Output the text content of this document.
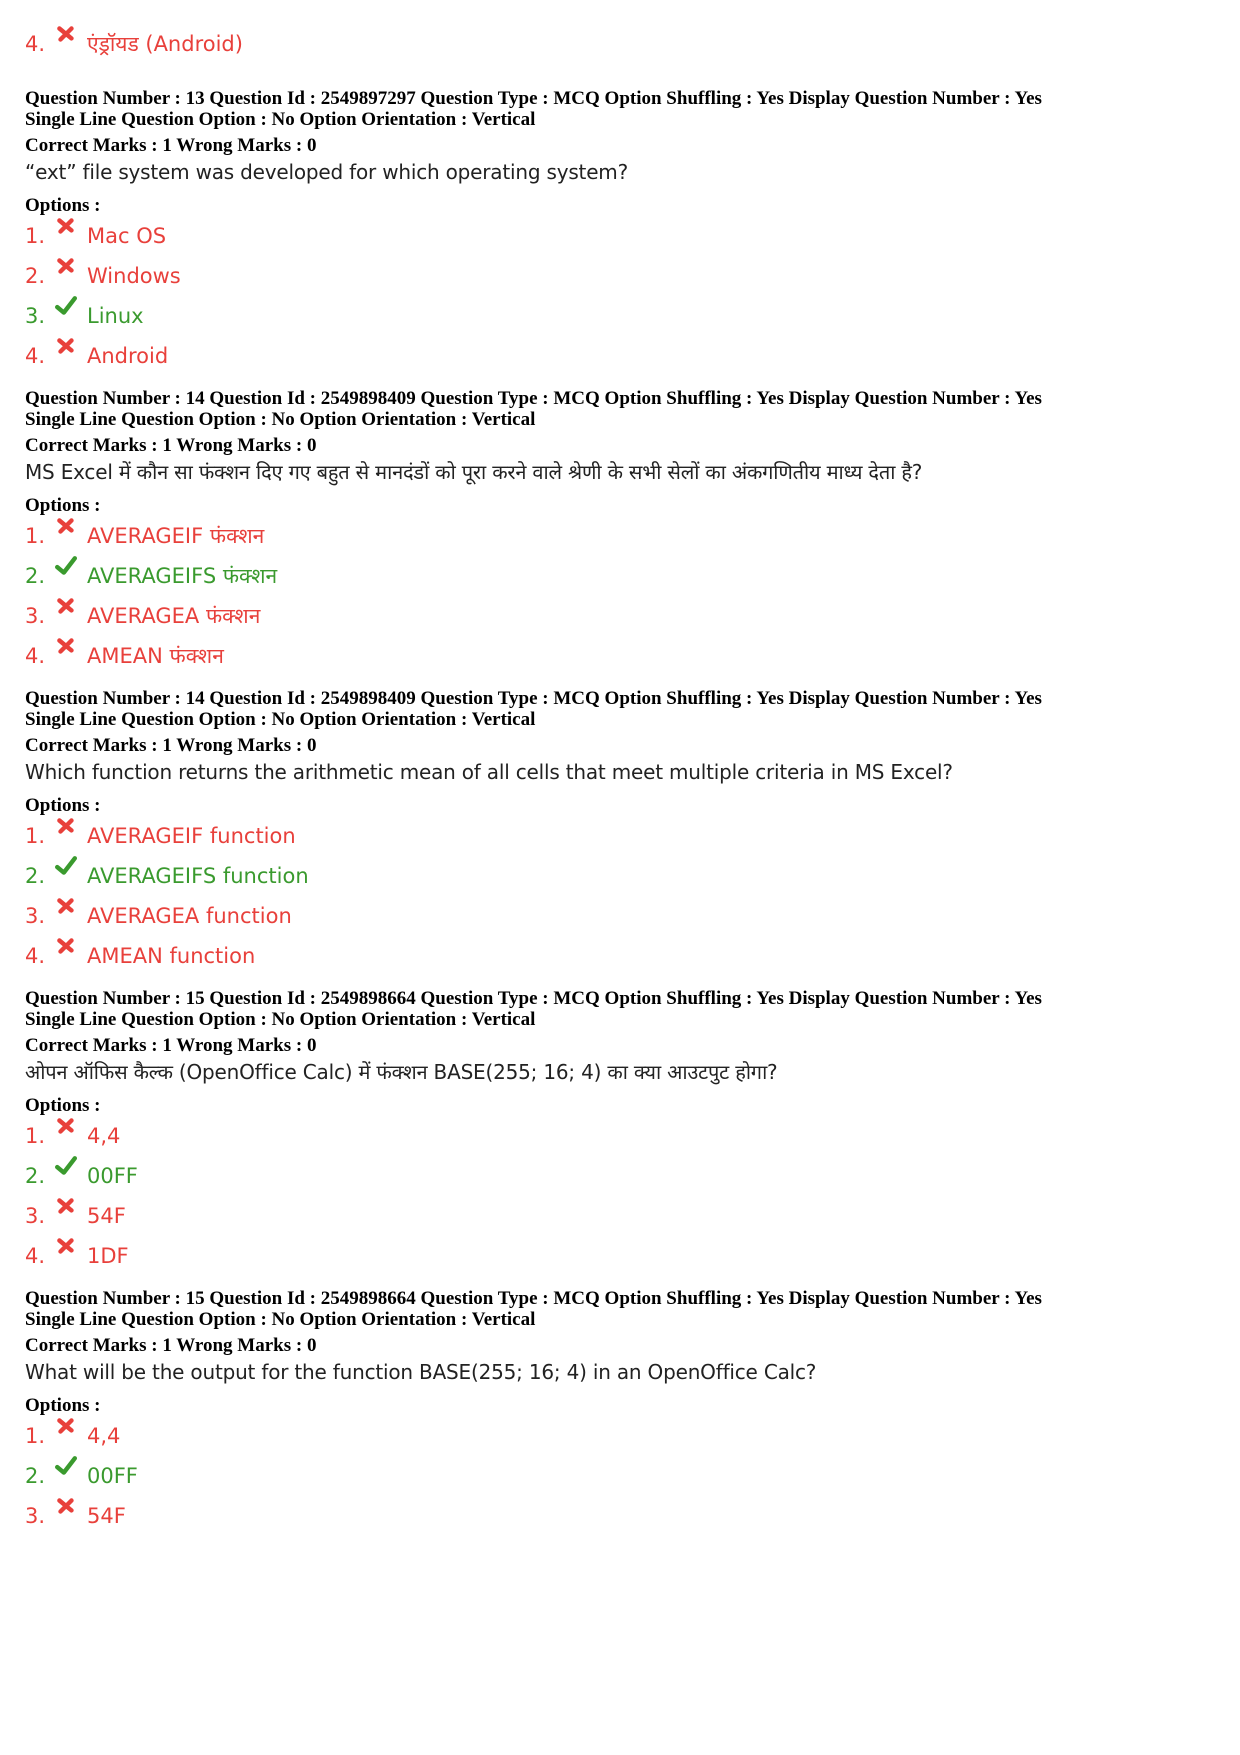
4.	एंड्रॉयड (Android)
Question Number : 13 Question Id : 2549897297 Question Type : MCQ Option Shuffling : Yes Display Question Number : Yes
Single Line Question Option : No Option Orientation : Vertical
Correct Marks : 1 Wrong Marks : 0
“ext” file system was developed for which operating system?
Options :
1.	Mac OS
2.	Windows
3.	Linux
4.	Android
Question Number : 14 Question Id : 2549898409 Question Type : MCQ Option Shuffling : Yes Display Question Number : Yes
Single Line Question Option : No Option Orientation : Vertical
Correct Marks : 1 Wrong Marks : 0
MS Excel में कौन सा फंक्शन दिए गए बहुत से मानदंडों को पूरा करने वाले श्रेणी के सभी सेलों का अंकगणितीय माध्य देता है?
Options :
1.	AVERAGEIF फंक्शन
2.	AVERAGEIFS फंक्शन
3.	AVERAGEA फंक्शन
4.	AMEAN फंक्शन
Question Number : 14 Question Id : 2549898409 Question Type : MCQ Option Shuffling : Yes Display Question Number : Yes
Single Line Question Option : No Option Orientation : Vertical
Correct Marks : 1 Wrong Marks : 0
Which function returns the arithmetic mean of all cells that meet multiple criteria in MS Excel?
Options :
1.	AVERAGEIF function
2.	AVERAGEIFS function
3.	AVERAGEA function
4.	AMEAN function
Question Number : 15 Question Id : 2549898664 Question Type : MCQ Option Shuffling : Yes Display Question Number : Yes
Single Line Question Option : No Option Orientation : Vertical
Correct Marks : 1 Wrong Marks : 0
ओपन ऑफिस कैल्क (OpenOffice Calc) में फंक्शन BASE(255; 16; 4) का क्या आउटपुट होगा?
Options :
1.	4,4
2.	00FF
3.	54F
4.	1DF
Question Number : 15 Question Id : 2549898664 Question Type : MCQ Option Shuffling : Yes Display Question Number : Yes
Single Line Question Option : No Option Orientation : Vertical
Correct Marks : 1 Wrong Marks : 0
What will be the output for the function BASE(255; 16; 4) in an OpenOffice Calc?
Options :
1.	4,4
2.	00FF
3.	54F
